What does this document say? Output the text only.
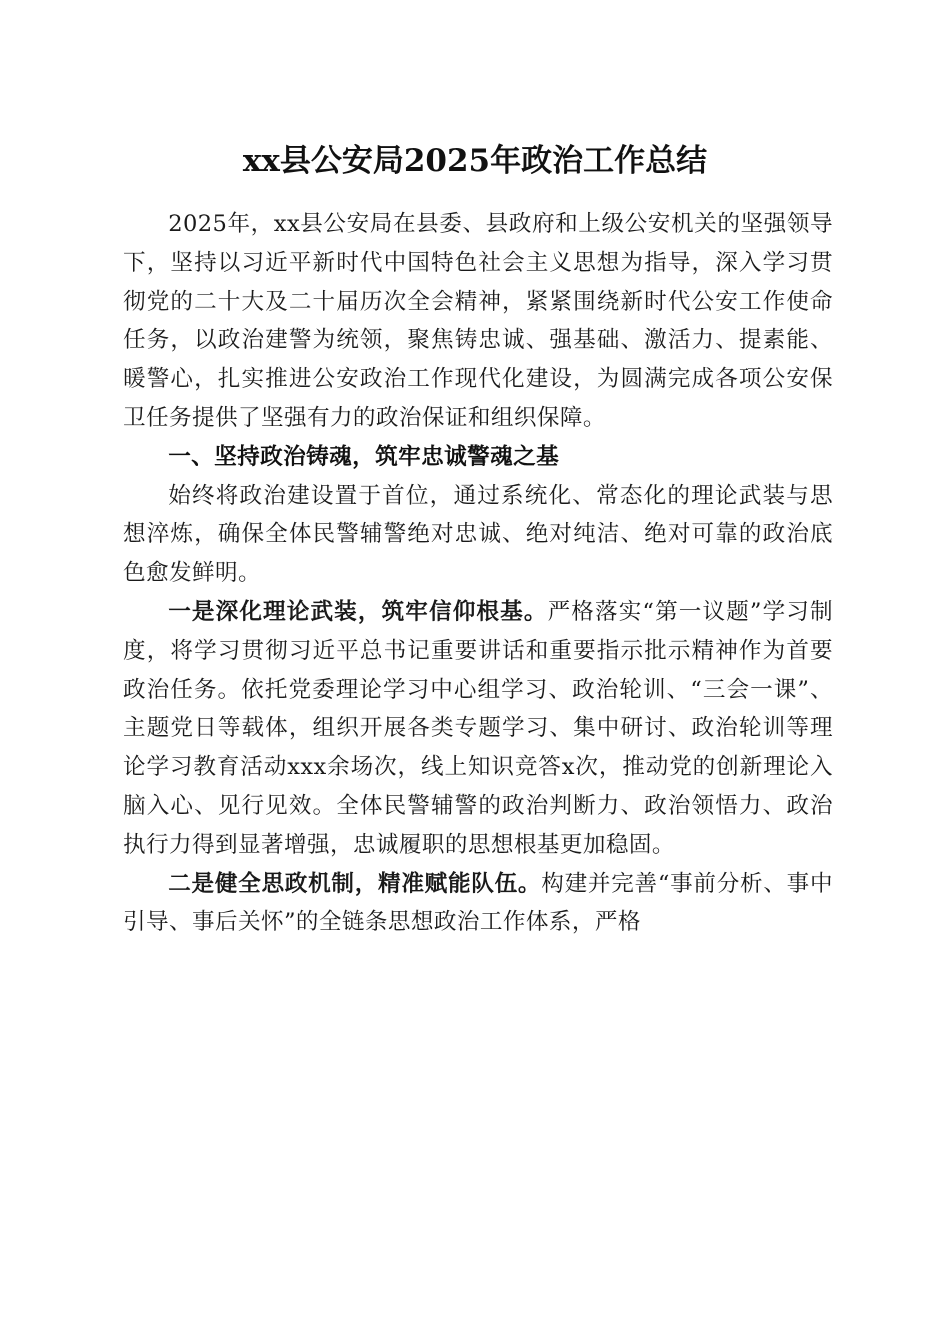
xx县公安局2025年政治工作总结

2025年，xx县公安局在县委、县政府和上级公安机关的坚强领导下，坚持以习近平新时代中国特色社会主义思想为指导，深入学习贯彻党的二十大及二十届历次全会精神，紧紧围绕新时代公安工作使命任务，以政治建警为统领，聚焦铸忠诚、强基础、激活力、提素能、暖警心，扎实推进公安政治工作现代化建设，为圆满完成各项公安保卫任务提供了坚强有力的政治保证和组织保障。

一、坚持政治铸魂，筑牢忠诚警魂之基

始终将政治建设置于首位，通过系统化、常态化的理论武装与思想淬炼，确保全体民警辅警绝对忠诚、绝对纯洁、绝对可靠的政治底色愈发鲜明。

一是深化理论武装，筑牢信仰根基。严格落实“第一议题”学习制度，将学习贯彻习近平总书记重要讲话和重要指示批示精神作为首要政治任务。依托党委理论学习中心组学习、政治轮训、“三会一课”、主题党日等载体，组织开展各类专题学习、集中研讨、政治轮训等理论学习教育活动xxx余场次，线上知识竞答x次，推动党的创新理论入脑入心、见行见效。全体民警辅警的政治判断力、政治领悟力、政治执行力得到显著增强，忠诚履职的思想根基更加稳固。

二是健全思政机制，精准赋能队伍。构建并完善“事前分析、事中引导、事后关怀”的全链条思想政治工作体系，严格
